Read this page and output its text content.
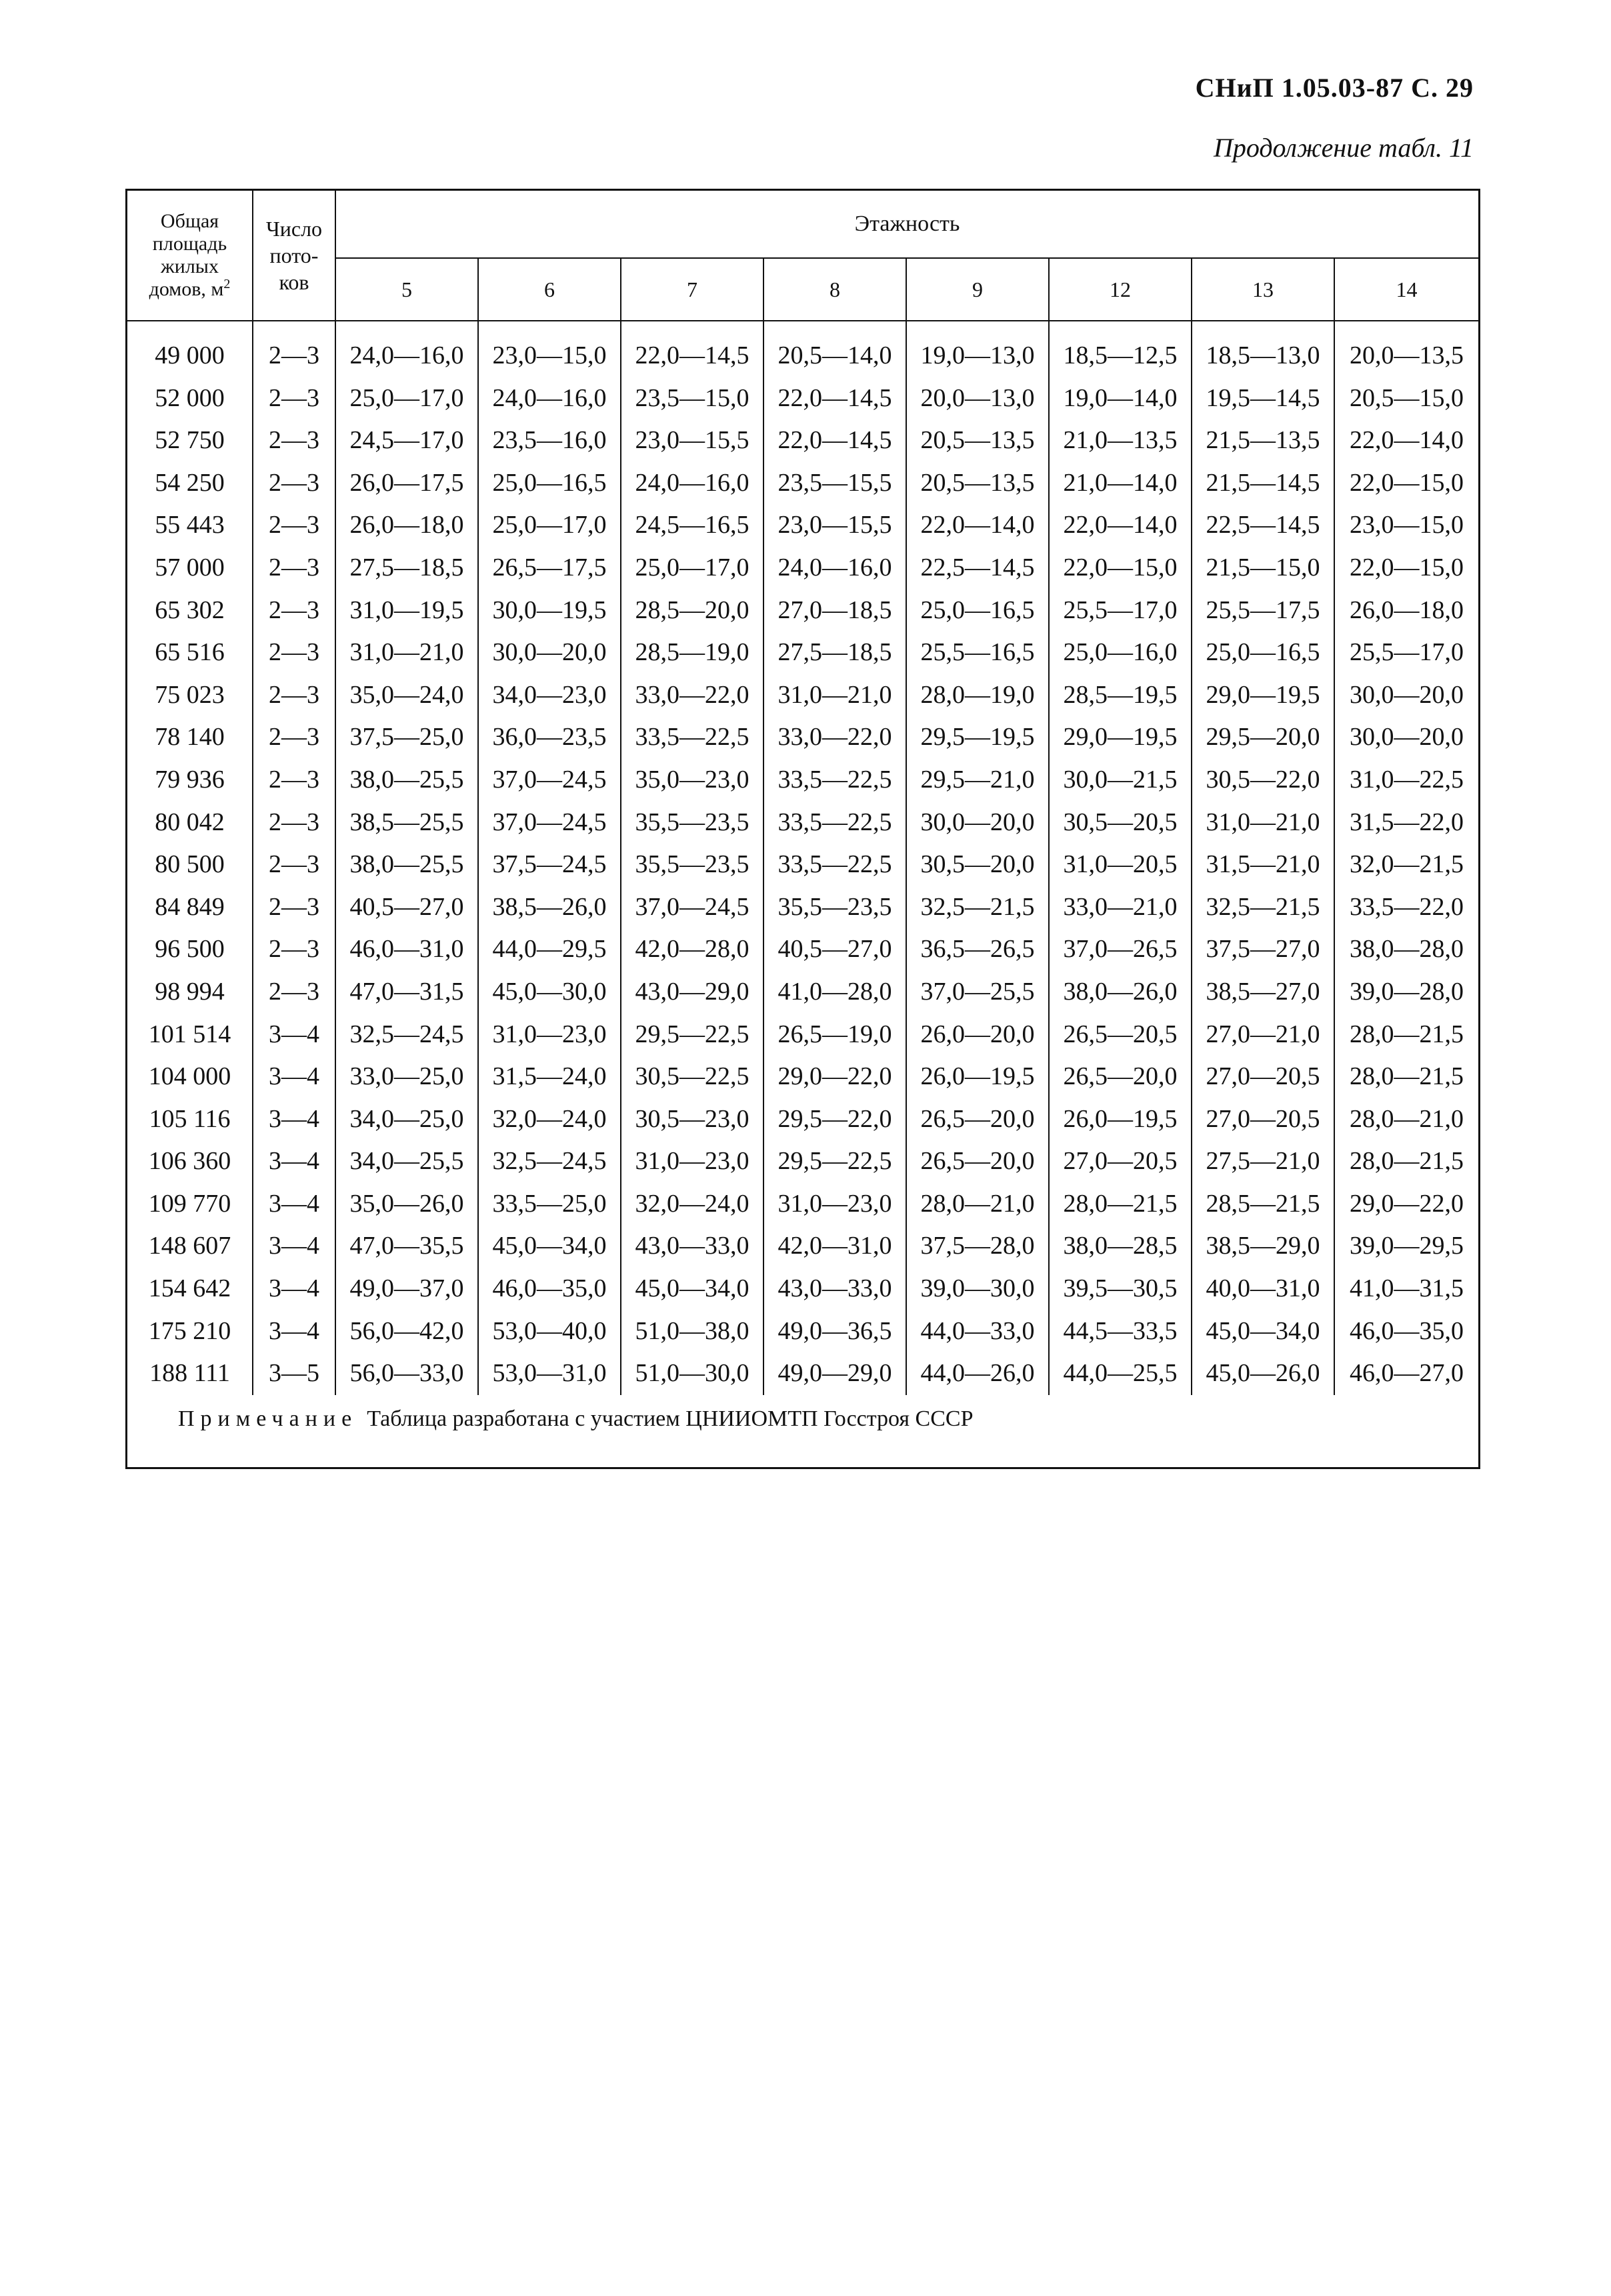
СНиП 1.05.03-87 С. 29
Продолжение табл. 11
Общая
площадь
жилых
домов, $м^2$	Число
пото-
ков	Этажность							
		5	6	7	8	9	12	13	14
49 000	2—3	24,0—16,0	23,0—15,0	22,0—14,5	20,5—14,0	19,0—13,0	18,5—12,5	18,5—13,0	20,0—13,5
52 000	2—3	25,0—17,0	24,0—16,0	23,5—15,0	22,0—14,5	20,0—13,0	19,0—14,0	19,5—14,5	20,5—15,0
52 750	2—3	24,5—17,0	23,5—16,0	23,0—15,5	22,0—14,5	20,5—13,5	21,0—13,5	21,5—13,5	22,0—14,0
54 250	2—3	26,0—17,5	25,0—16,5	24,0—16,0	23,5—15,5	20,5—13,5	21,0—14,0	21,5—14,5	22,0—15,0
55 443	2—3	26,0—18,0	25,0—17,0	24,5—16,5	23,0—15,5	22,0—14,0	22,0—14,0	22,5—14,5	23,0—15,0
57 000	2—3	27,5—18,5	26,5—17,5	25,0—17,0	24,0—16,0	22,5—14,5	22,0—15,0	21,5—15,0	22,0—15,0
65 302	2—3	31,0—19,5	30,0—19,5	28,5—20,0	27,0—18,5	25,0—16,5	25,5—17,0	25,5—17,5	26,0—18,0
65 516	2—3	31,0—21,0	30,0—20,0	28,5—19,0	27,5—18,5	25,5—16,5	25,0—16,0	25,0—16,5	25,5—17,0
75 023	2—3	35,0—24,0	34,0—23,0	33,0—22,0	31,0—21,0	28,0—19,0	28,5—19,5	29,0—19,5	30,0—20,0
78 140	2—3	37,5—25,0	36,0—23,5	33,5—22,5	33,0—22,0	29,5—19,5	29,0—19,5	29,5—20,0	30,0—20,0
79 936	2—3	38,0—25,5	37,0—24,5	35,0—23,0	33,5—22,5	29,5—21,0	30,0—21,5	30,5—22,0	31,0—22,5
80 042	2—3	38,5—25,5	37,0—24,5	35,5—23,5	33,5—22,5	30,0—20,0	30,5—20,5	31,0—21,0	31,5—22,0
80 500	2—3	38,0—25,5	37,5—24,5	35,5—23,5	33,5—22,5	30,5—20,0	31,0—20,5	31,5—21,0	32,0—21,5
84 849	2—3	40,5—27,0	38,5—26,0	37,0—24,5	35,5—23,5	32,5—21,5	33,0—21,0	32,5—21,5	33,5—22,0
96 500	2—3	46,0—31,0	44,0—29,5	42,0—28,0	40,5—27,0	36,5—26,5	37,0—26,5	37,5—27,0	38,0—28,0
98 994	2—3	47,0—31,5	45,0—30,0	43,0—29,0	41,0—28,0	37,0—25,5	38,0—26,0	38,5—27,0	39,0—28,0
101 514	3—4	32,5—24,5	31,0—23,0	29,5—22,5	26,5—19,0	26,0—20,0	26,5—20,5	27,0—21,0	28,0—21,5
104 000	3—4	33,0—25,0	31,5—24,0	30,5—22,5	29,0—22,0	26,0—19,5	26,5—20,0	27,0—20,5	28,0—21,5
105 116	3—4	34,0—25,0	32,0—24,0	30,5—23,0	29,5—22,0	26,5—20,0	26,0—19,5	27,0—20,5	28,0—21,0
106 360	3—4	34,0—25,5	32,5—24,5	31,0—23,0	29,5—22,5	26,5—20,0	27,0—20,5	27,5—21,0	28,0—21,5
109 770	3—4	35,0—26,0	33,5—25,0	32,0—24,0	31,0—23,0	28,0—21,0	28,0—21,5	28,5—21,5	29,0—22,0
148 607	3—4	47,0—35,5	45,0—34,0	43,0—33,0	42,0—31,0	37,5—28,0	38,0—28,5	38,5—29,0	39,0—29,5
154 642	3—4	49,0—37,0	46,0—35,0	45,0—34,0	43,0—33,0	39,0—30,0	39,5—30,5	40,0—31,0	41,0—31,5
175 210	3—4	56,0—42,0	53,0—40,0	51,0—38,0	49,0—36,5	44,0—33,0	44,5—33,5	45,0—34,0	46,0—35,0
188 111	3—5	56,0—33,0	53,0—31,0	51,0—30,0	49,0—29,0	44,0—26,0	44,0—25,5	45,0—26,0	46,0—27,0
Примечание Таблица разработана с участием ЦНИИОМТП Госстроя СССР
